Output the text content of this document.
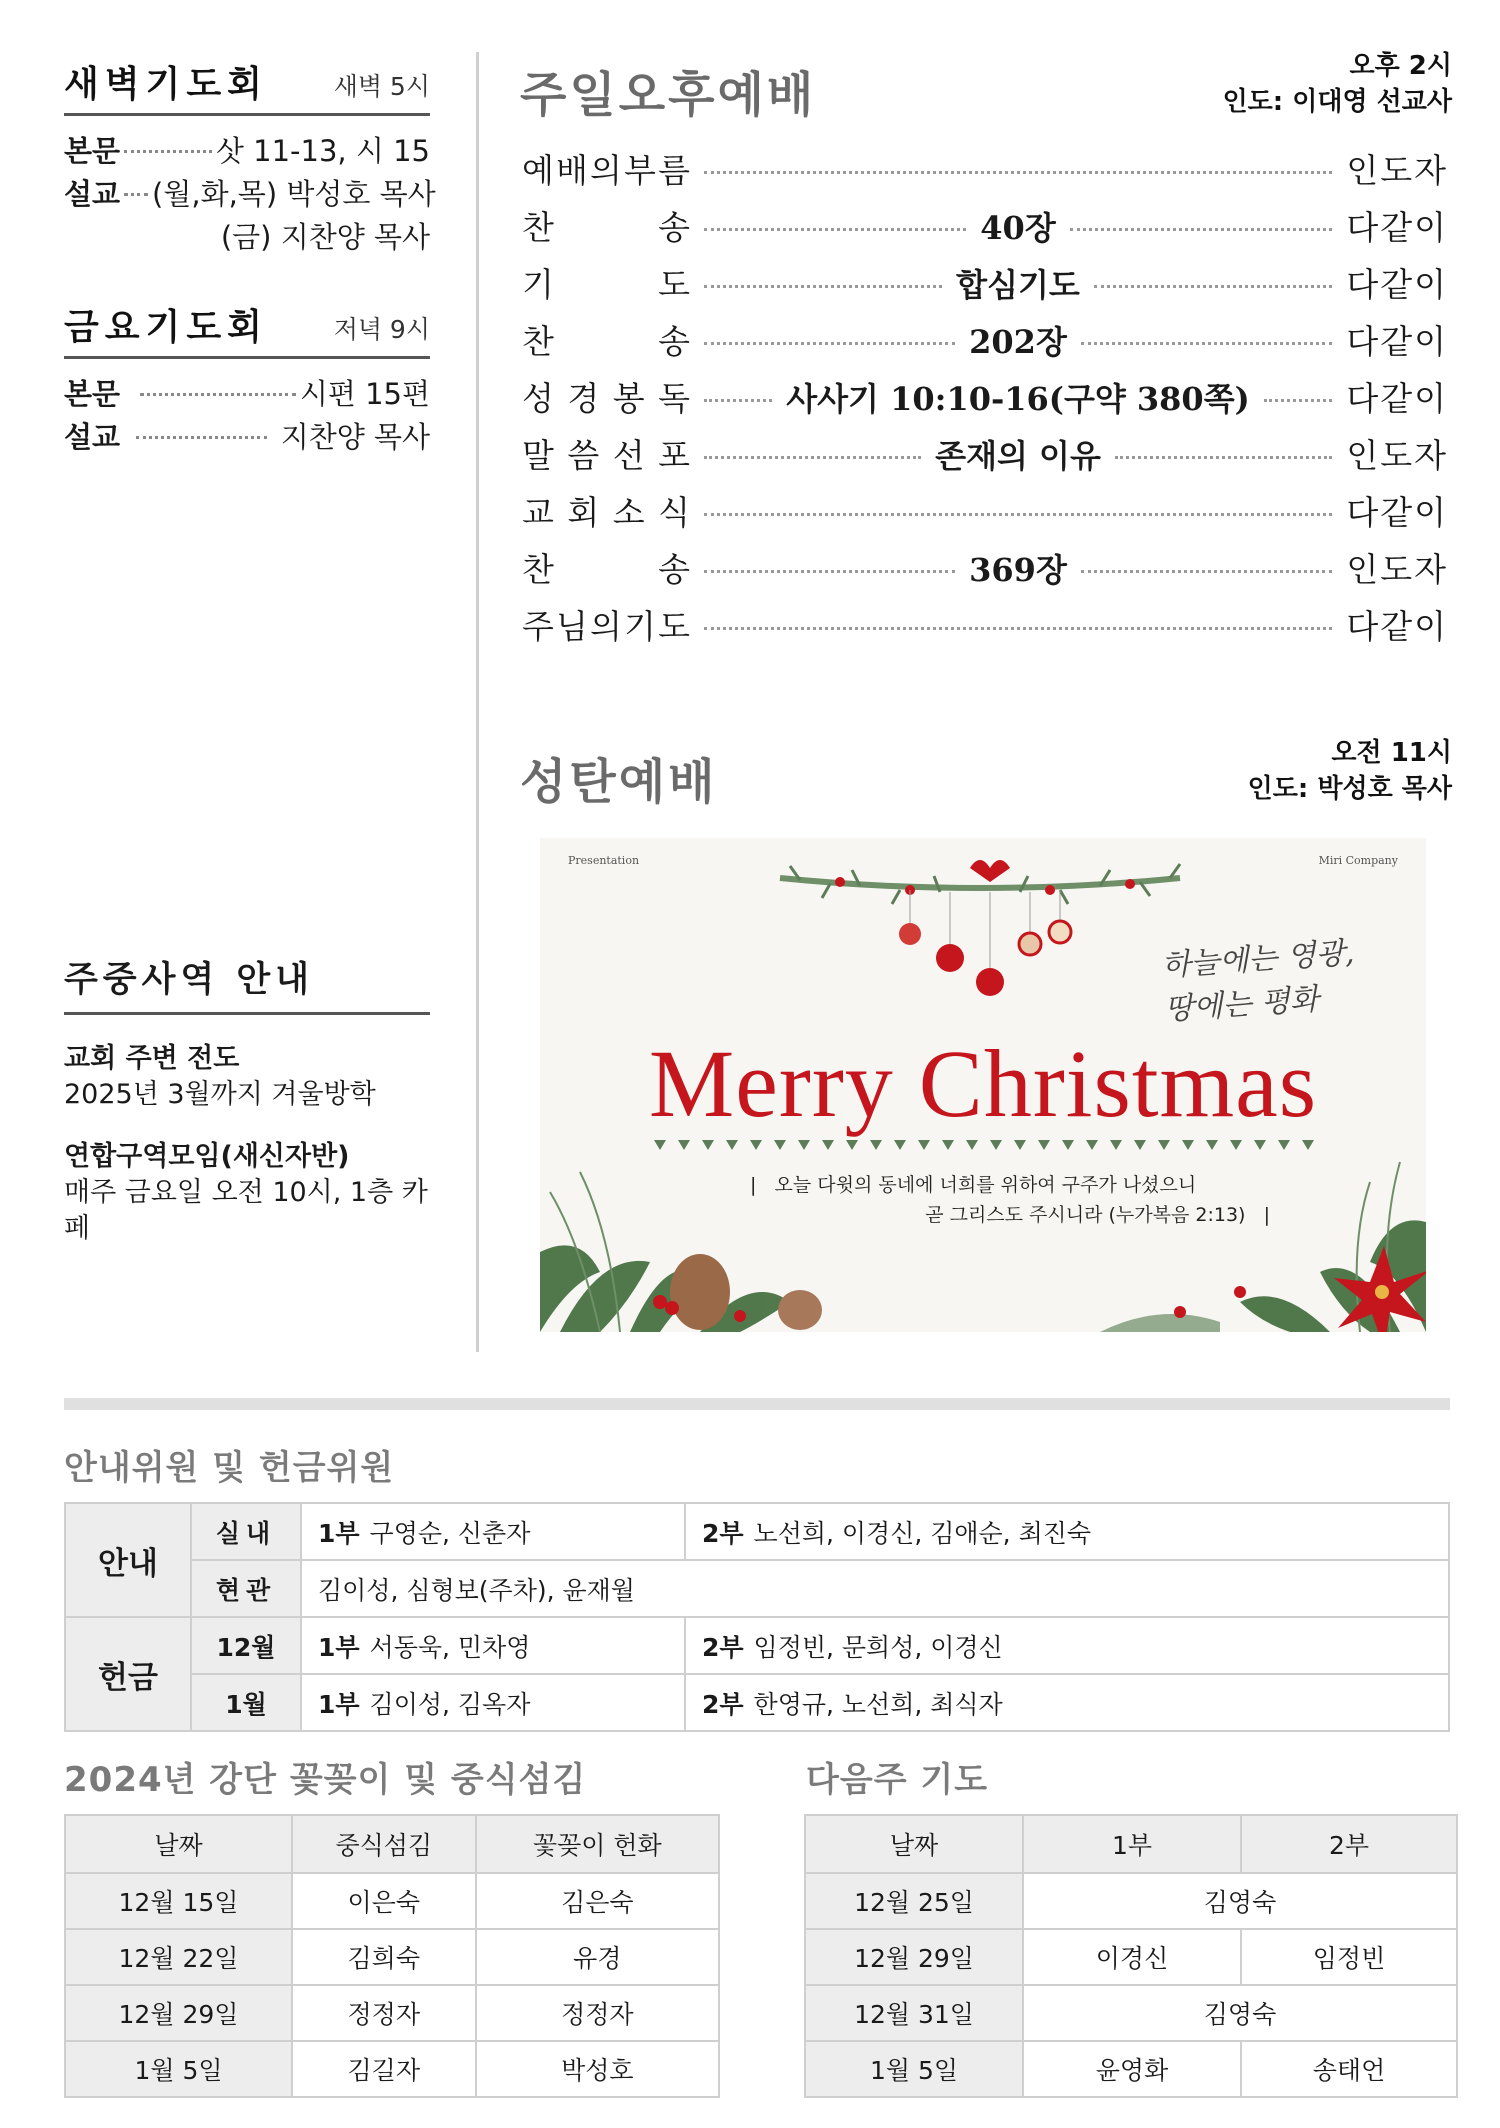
새벽기도회	새벽 5시
본문	삿 11-13, 시 15
설교 (월,화,목) 박성호 목사
(금) 지찬양 목사
금요기도회	저녁 9시
본문	시편 15편
설교	지찬양 목사
주중사역 안내
교회 주변 전도
2025년 3월까지 겨울방학
연합구역모임(새신자반)
매주 금요일 오전 10시, 1층 카페
주일오후예배
오후 2시
인도: 이대영 선교사
예 배 의 부 름	인도자
찬	송	40장	다같이
기	도	합심기도	다같이
찬	송	202장	다같이
성 경 봉 독	사사기 10:10-16(구약 380쪽)	다같이
말 씀 선 포	존재의 이유	인도자
교 회 소 식	다같이
찬	송	369장	인도자
주 님 의 기 도	다같이
성탄예배
오전 11시
인도: 박성호 목사
Presentation	Miri Company
하늘에는 영광,
땅에는 평화
Merry Christmas
|   오늘 다윗의 동네에 너희를 위하여 구주가 나셨으니
곧 그리스도 주시니라 (누가복음 2:13)   |
안내위원 및 헌금위원
안내	실내	1부 구영순, 신춘자	2부 노선희, 이경신, 김애순, 최진숙
	현관	김이성, 심형보(주차), 윤재월	
헌금	12월	1부 서동욱, 민차영	2부 임정빈, 문희성, 이경신
	1월	1부 김이성, 김옥자	2부 한영규, 노선희, 최식자
2024년 강단 꽃꽂이 및 중식섬김
날짜	중식섬김	꽃꽂이 헌화
12월 15일	이은숙	김은숙
12월 22일	김희숙	유경
12월 29일	정정자	정정자
1월 5일	김길자	박성호
다음주 기도
날짜	1부	2부
12월 25일	김영숙	
12월 29일	이경신	임정빈
12월 31일	김영숙	
1월 5일	윤영화	송태언
